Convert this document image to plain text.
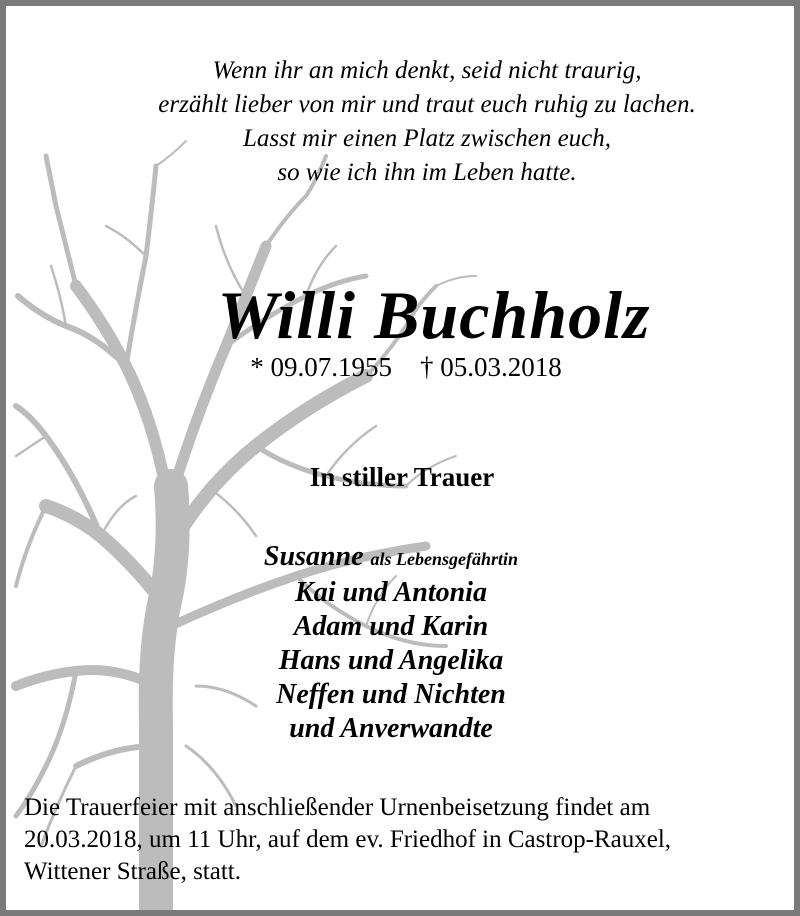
Wenn ihr an mich denkt, seid nicht traurig,
erzählt lieber von mir und traut euch ruhig zu lachen.
Lasst mir einen Platz zwischen euch,
so wie ich ihn im Leben hatte.
Willi Buchholz
* 09.07.1955 † 05.03.2018
In stiller Trauer
Susanne als Lebensgefährtin
Kai und Antonia
Adam und Karin
Hans und Angelika
Neffen und Nichten
und Anverwandte
Die Trauerfeier mit anschließender Urnenbeisetzung findet am
20.03.2018, um 11 Uhr, auf dem ev. Friedhof in Castrop-Rauxel,
Wittener Straße, statt.
